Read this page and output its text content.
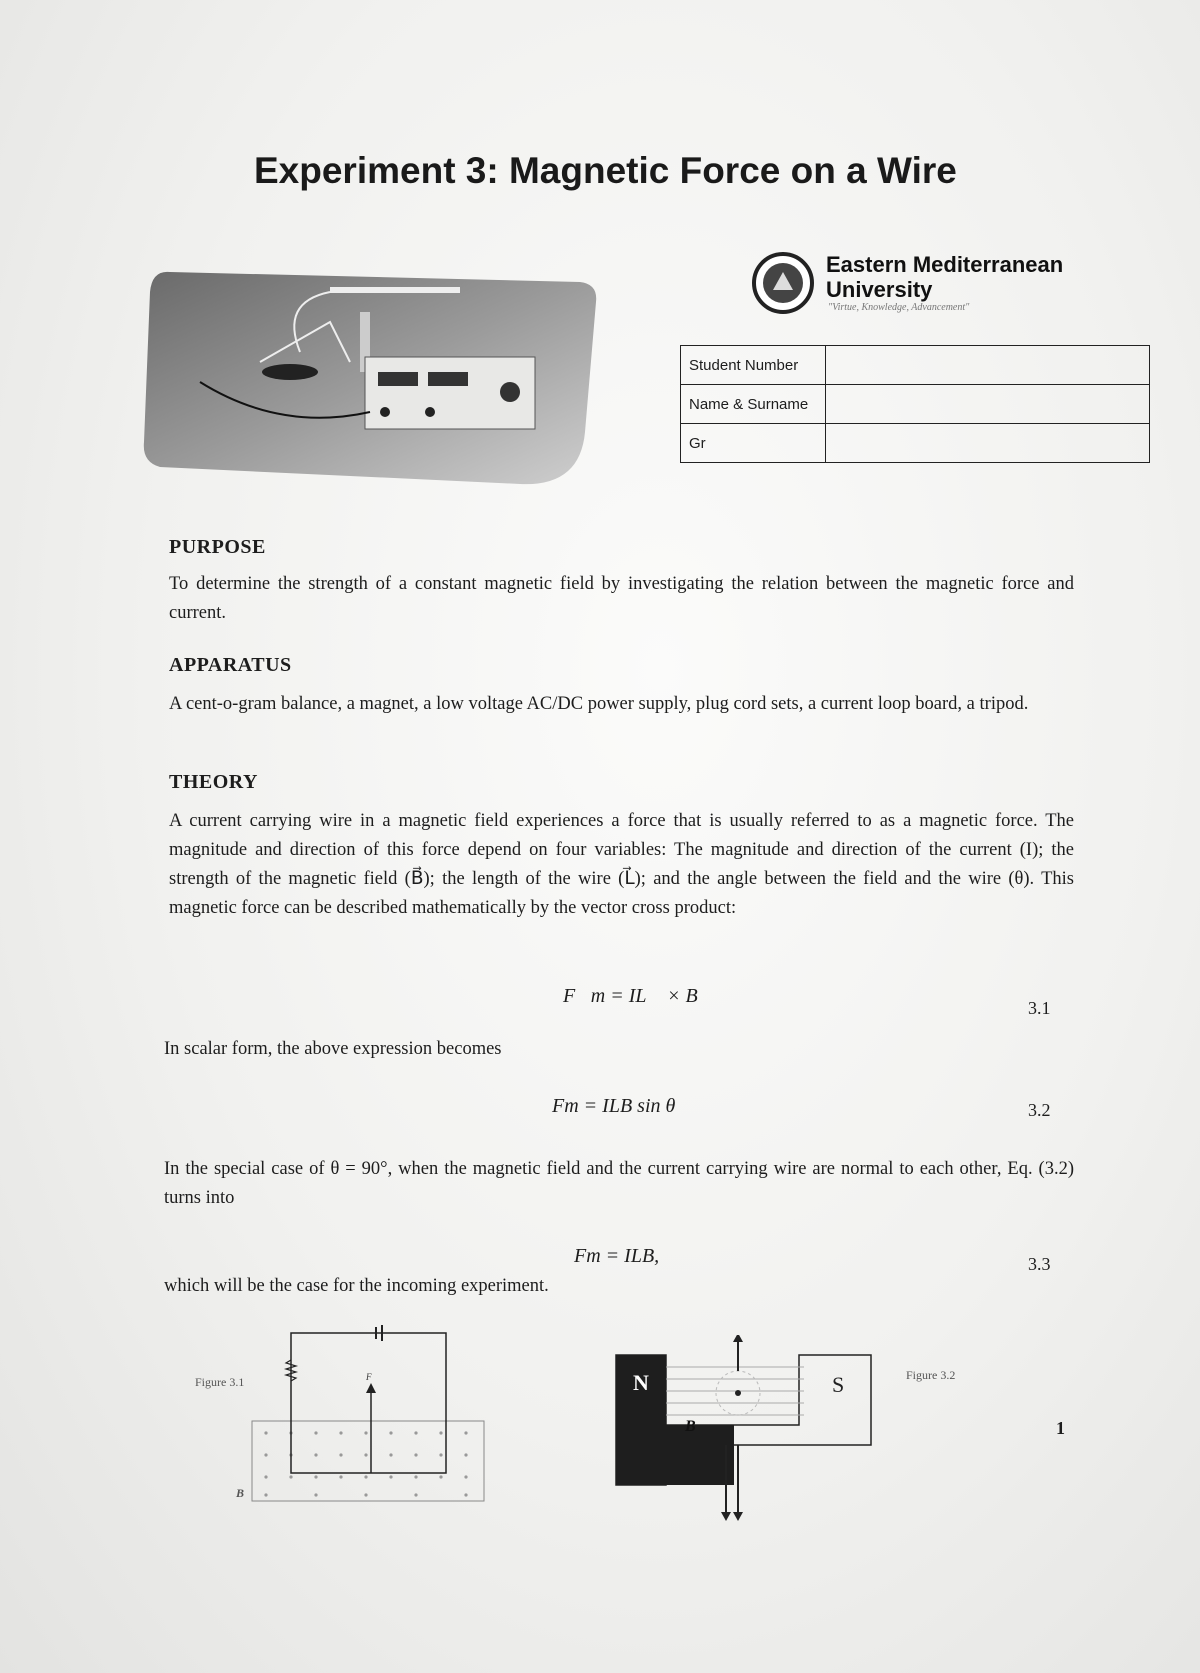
Experiment 3: Magnetic Force on a Wire
Eastern Mediterranean
University
"Virtue, Knowledge, Advancement"
Student Number	
Name & Surname	
Gr	
PURPOSE
To determine the strength of a constant magnetic field by investigating the relation between the magnetic force and current.
APPARATUS
A cent-o-gram balance, a magnet, a low voltage AC/DC power supply, plug cord sets, a current loop board, a tripod.
THEORY
A current carrying wire in a magnetic field experiences a force that is usually referred to as a magnetic force. The magnitude and direction of this force depend on four variables: The magnitude and direction of the current (I); the strength of the magnetic field (B⃗); the length of the wire (L⃗); and the angle between the field and the wire (θ). This magnetic force can be described mathematically by the vector cross product:
F⃗m = IL⃗ × B⃗
3.1
In scalar form, the above expression becomes
Fm = ILB sin θ	3.2
In the special case of θ = 90°, when the magnetic field and the current carrying wire are normal to each other, Eq. (3.2) turns into
Fm = ILB,	3.3
which will be the case for the incoming experiment.
Figure 3.1	F
B⃗
N	S
B⃗
Figure 3.2
1
